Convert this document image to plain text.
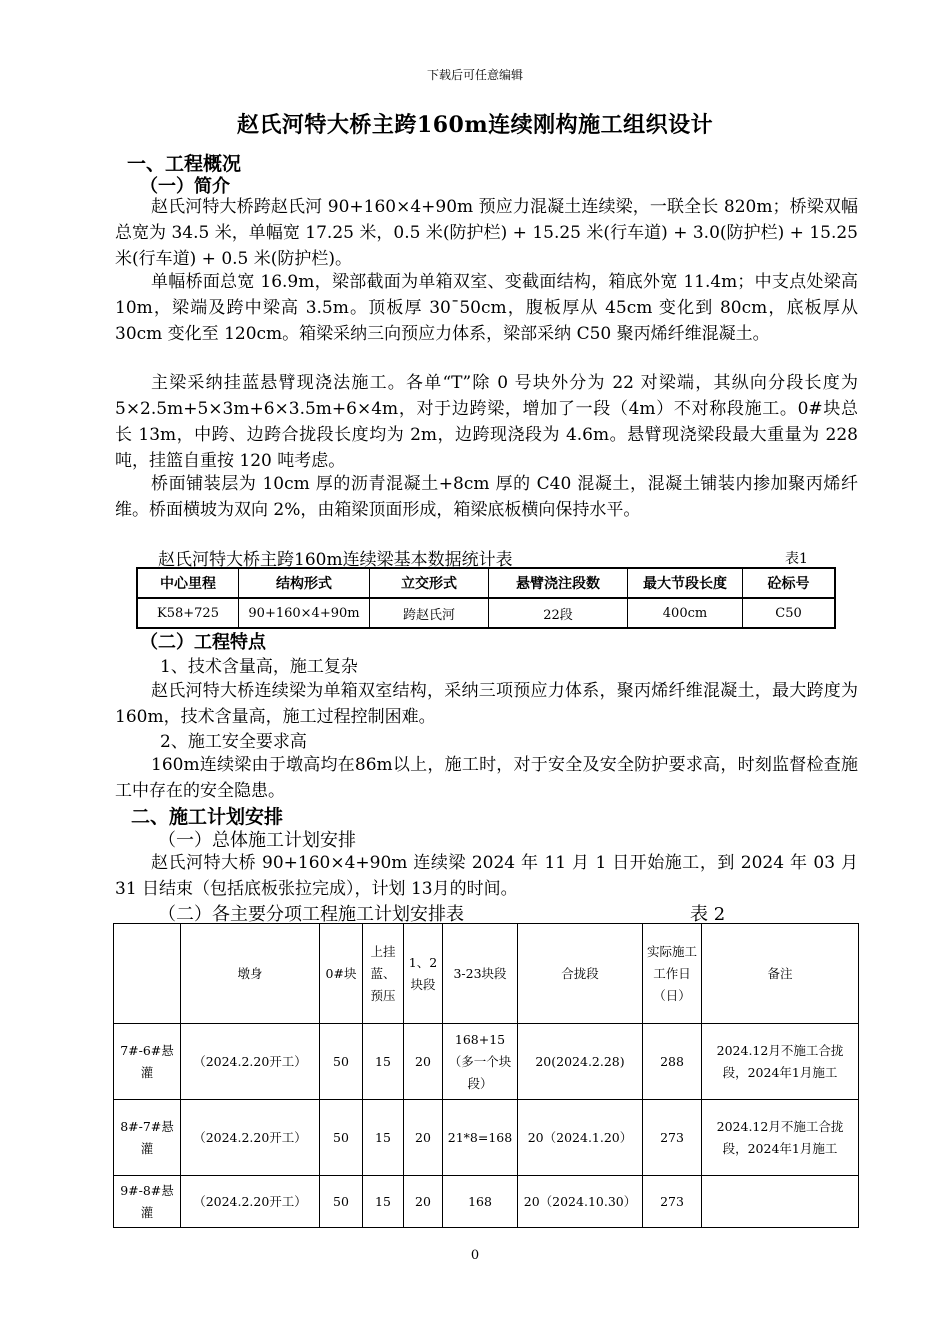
下载后可任意编辑
赵氏河特大桥主跨160m连续刚构施工组织设计
一、工程概况
（一）简介

赵氏河特大桥跨赵氏河 90+160×4+90m 预应力混凝土连续梁，一联全长 820m；桥梁双幅总宽为 34.5 米，单幅宽 17.25 米，0.5 米(防护栏) + 15.25 米(行车道) + 3.0(防护栏) + 15.25 米(行车道) + 0.5 米(防护栏)。

单幅桥面总宽 16.9m，梁部截面为单箱双室、变截面结构，箱底外宽 11.4m；中支点处梁高 10m，梁端及跨中梁高 3.5m。顶板厚 30ˉ50cm，腹板厚从 45cm 变化到 80cm，底板厚从 30cm 变化至 120cm。箱梁采纳三向预应力体系，梁部采纳 C50 聚丙烯纤维混凝土。

主梁采纳挂蓝悬臂现浇法施工。各单“T”除 0 号块外分为 22 对梁端，其纵向分段长度为 5×2.5m+5×3m+6×3.5m+6×4m，对于边跨梁，增加了一段（4m）不对称段施工。0#块总长 13m，中跨、边跨合拢段长度均为 2m，边跨现浇段为 4.6m。悬臂现浇梁段最大重量为 228 吨，挂篮自重按 120 吨考虑。

桥面铺装层为 10cm 厚的沥青混凝土+8cm 厚的 C40 混凝土，混凝土铺装内掺加聚丙烯纤维。桥面横坡为双向 2%，由箱梁顶面形成，箱梁底板横向保持水平。

赵氏河特大桥主跨160m连续梁基本数据统计表	表1
中心里程	结构形式	立交形式	悬臂浇注段数	最大节段长度	砼标号
K58+725	90+160×4+90m	跨赵氏河	22段	400cm	C50
（二）工程特点
1、技术含量高，施工复杂

赵氏河特大桥连续梁为单箱双室结构，采纳三项预应力体系，聚丙烯纤维混凝土，最大跨度为160m，技术含量高，施工过程控制困难。

2、施工安全要求高

160m连续梁由于墩高均在86m以上，施工时，对于安全及安全防护要求高，时刻监督检查施工中存在的安全隐患。

二、施工计划安排
（一）总体施工计划安排

赵氏河特大桥 90+160×4+90m 连续梁 2024 年 11 月 1 日开始施工，到 2024 年 03 月 31 日结束（包括底板张拉完成），计划 13月的时间。

（二）各主要分项工程施工计划安排表	表 2
	墩身	0#块	上挂蓝、预压	1、2块段	3-23块段	合拢段	实际施工工作日（日）	备注
7#-6#悬灌	（2024.2.20开工）	50	15	20	168+15（多一个块段）	20(2024.2.28)	288	2024.12月不施工合拢段，2024年1月施工
8#-7#悬灌	（2024.2.20开工）	50	15	20	21*8=168	20（2024.1.20）	273	2024.12月不施工合拢段，2024年1月施工
9#-8#悬灌	（2024.2.20开工）	50	15	20	168	20（2024.10.30）	273	
0
